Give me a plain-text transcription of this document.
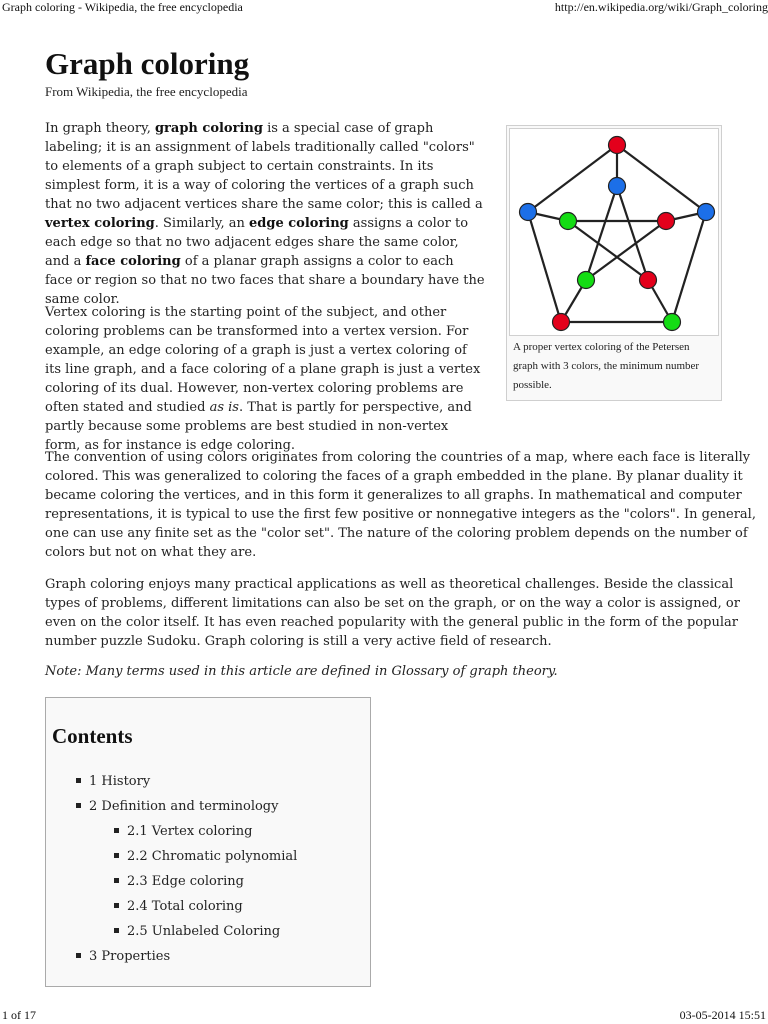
Graph coloring - Wikipedia, the free encyclopedia	http://en.wikipedia.org/wiki/Graph_coloring
Graph coloring
From Wikipedia, the free encyclopedia

In graph theory, graph coloring is a special case of graph labeling; it is an assignment of labels traditionally called "colors" to elements of a graph subject to certain constraints. In its simplest form, it is a way of coloring the vertices of a graph such that no two adjacent vertices share the same color; this is called a vertex coloring. Similarly, an edge coloring assigns a color to each edge so that no two adjacent edges share the same color, and a face coloring of a planar graph assigns a color to each face or region so that no two faces that share a boundary have the same color.

Vertex coloring is the starting point of the subject, and other coloring problems can be transformed into a vertex version. For example, an edge coloring of a graph is just a vertex coloring of its line graph, and a face coloring of a plane graph is just a vertex coloring of its dual. However, non-vertex coloring problems are often stated and studied as is. That is partly for perspective, and partly because some problems are best studied in non-vertex form, as for instance is edge coloring.

A proper vertex coloring of the Petersen graph with 3 colors, the minimum number possible.

The convention of using colors originates from coloring the countries of a map, where each face is literally colored. This was generalized to coloring the faces of a graph embedded in the plane. By planar duality it became coloring the vertices, and in this form it generalizes to all graphs. In mathematical and computer representations, it is typical to use the first few positive or nonnegative integers as the "colors". In general, one can use any finite set as the "color set". The nature of the coloring problem depends on the number of colors but not on what they are.

Graph coloring enjoys many practical applications as well as theoretical challenges. Beside the classical types of problems, different limitations can also be set on the graph, or on the way a color is assigned, or even on the color itself. It has even reached popularity with the general public in the form of the popular number puzzle Sudoku. Graph coloring is still a very active field of research.

Note: Many terms used in this article are defined in Glossary of graph theory.

Contents
1 History
2 Definition and terminology
2.1 Vertex coloring
2.2 Chromatic polynomial
2.3 Edge coloring
2.4 Total coloring
2.5 Unlabeled Coloring
3 Properties
1 of 17	03-05-2014 15:51
